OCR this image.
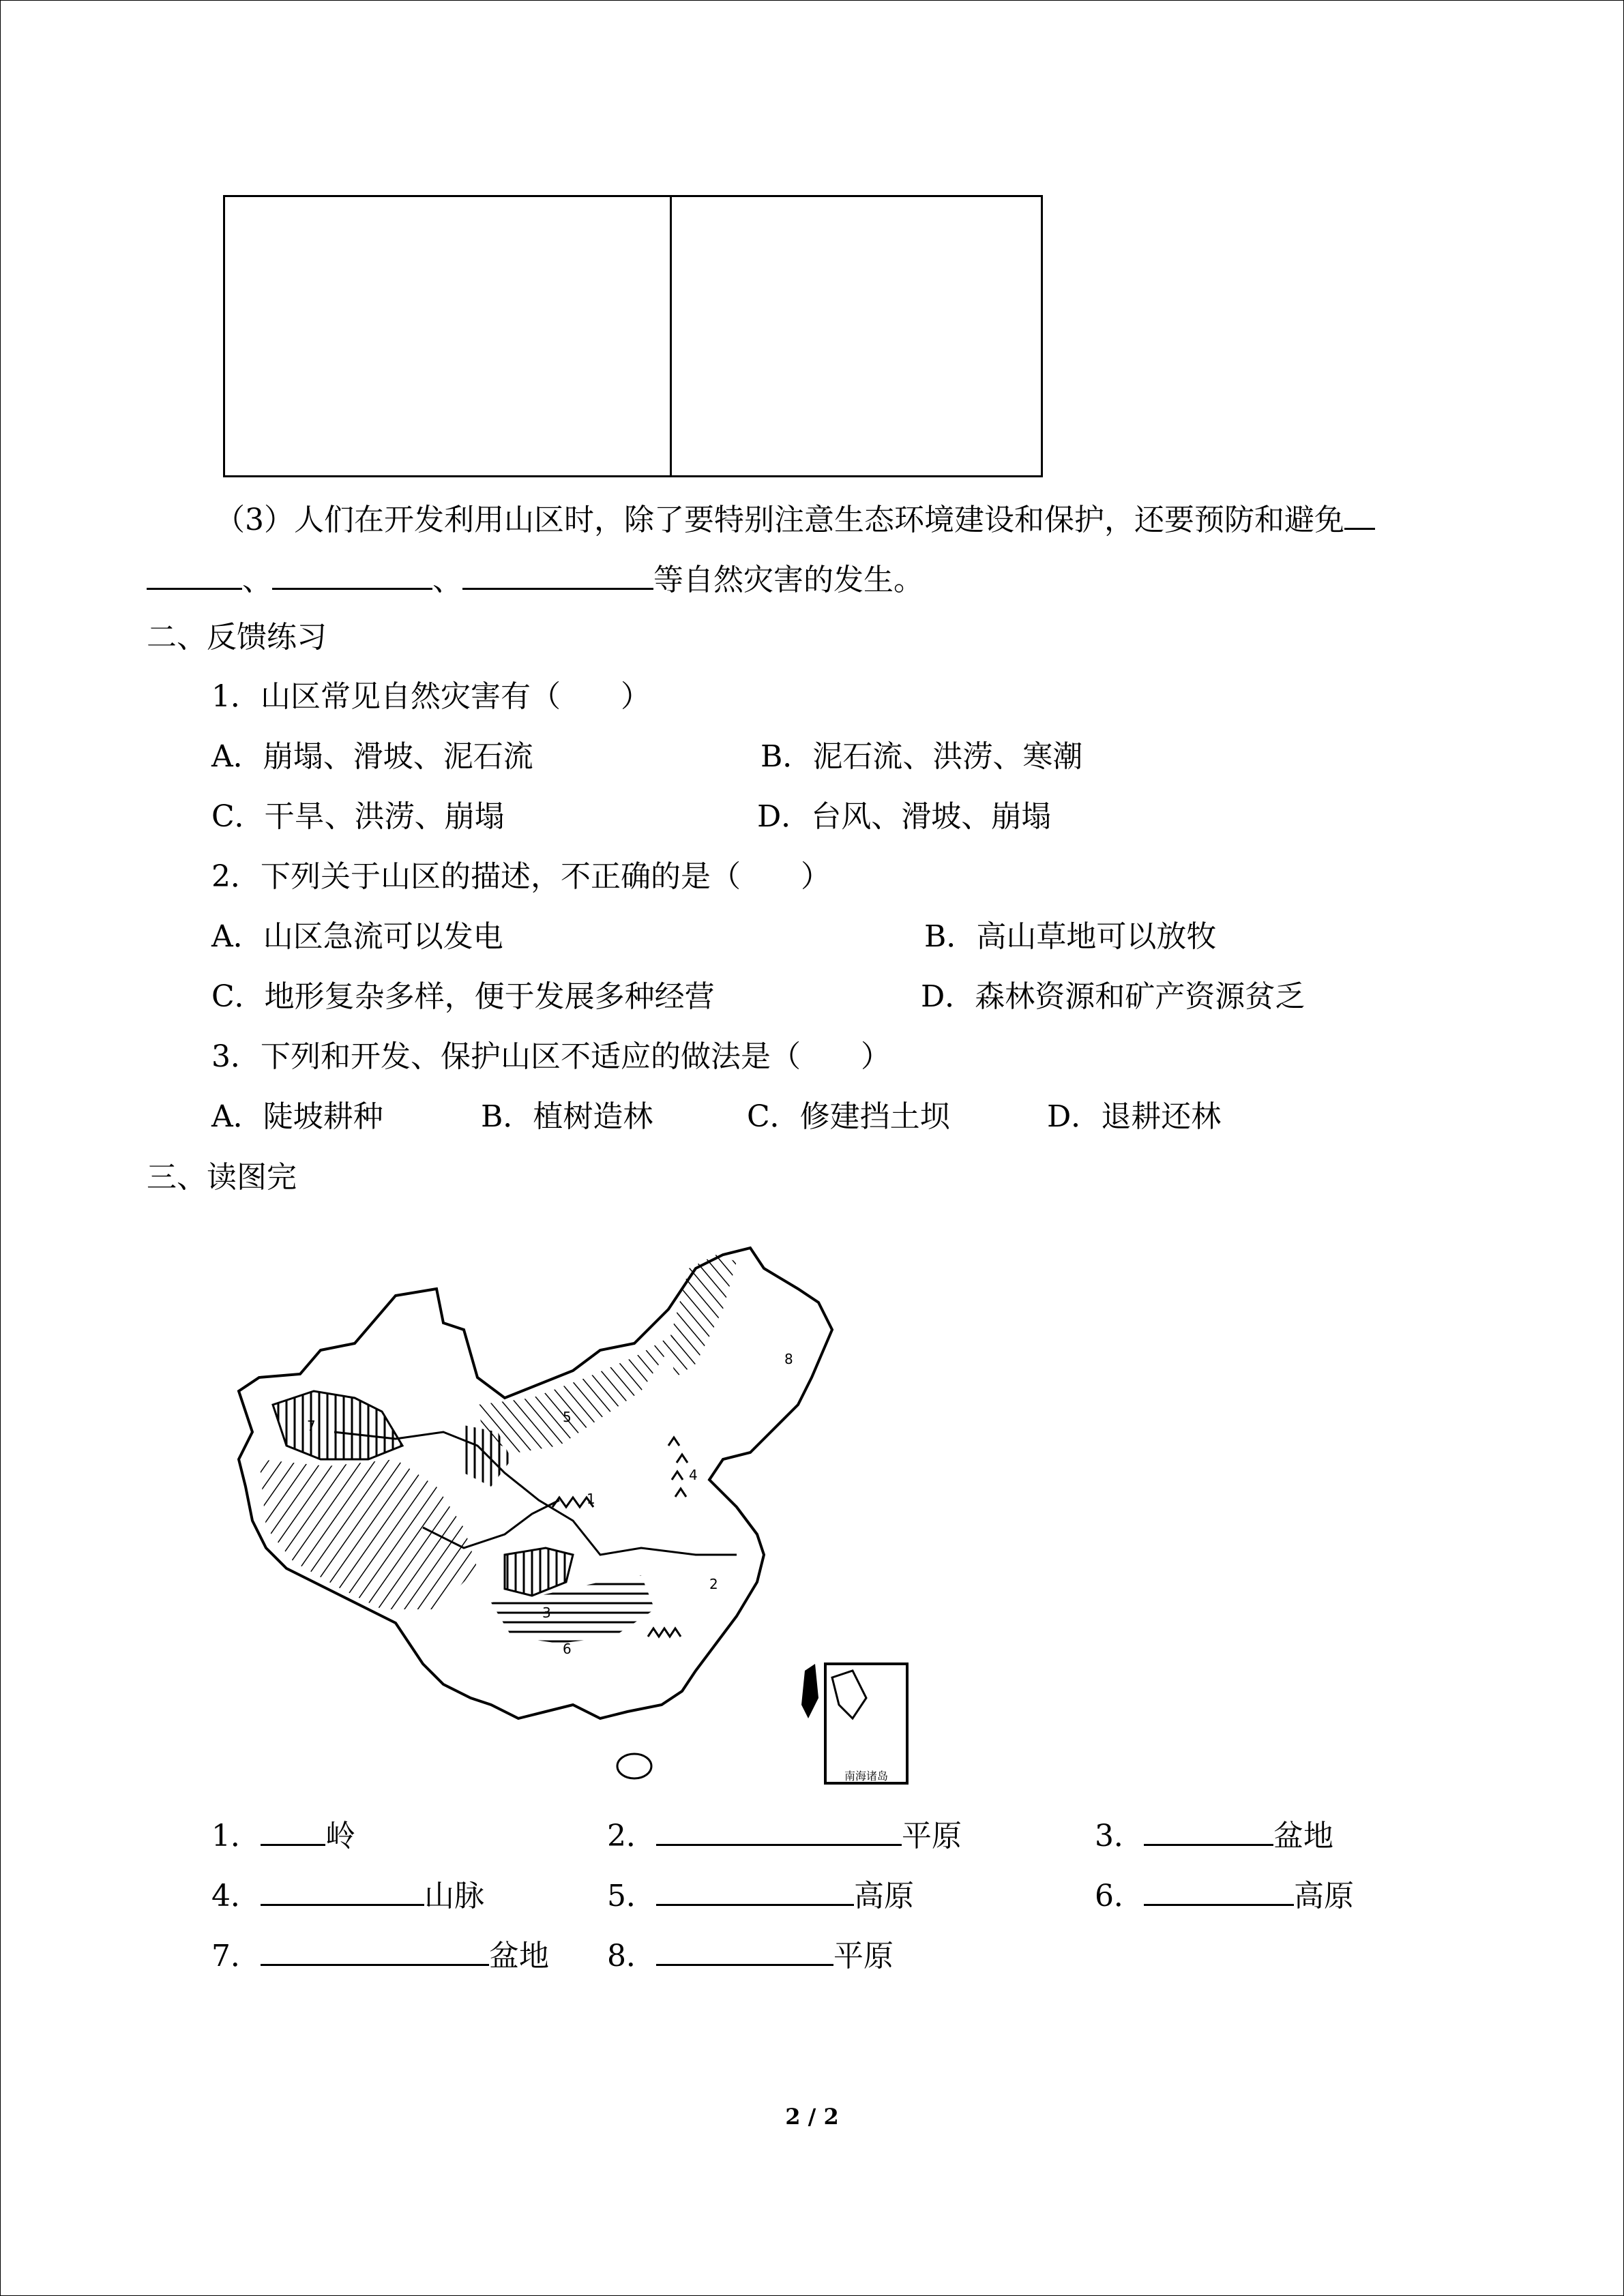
（3）人们在开发利用山区时，除了要特别注意生态环境建设和保护，还要预防和避免
、	、	等自然灾害的发生。
二、反馈练习
1．山区常见自然灾害有（　　）
A．崩塌、滑坡、泥石流	B．泥石流、洪涝、寒潮
C．干旱、洪涝、崩塌	D．台风、滑坡、崩塌
2．下列关于山区的描述，不正确的是（　　）
A．山区急流可以发电	B．高山草地可以放牧
C．地形复杂多样，便于发展多种经营	D．森林资源和矿产资源贫乏
3．下列和开发、保护山区不适应的做法是（　　）
A．陡坡耕种	B．植树造林	C．修建挡土坝	D．退耕还林
三、读图完
南海诸岛
1
2
3
4
5
6
7
8
1． 岭	2．	平原	3．	盆地
4．	山脉	5．	高原	6．	高原
7．	盆地 8．	平原
2 / 2
